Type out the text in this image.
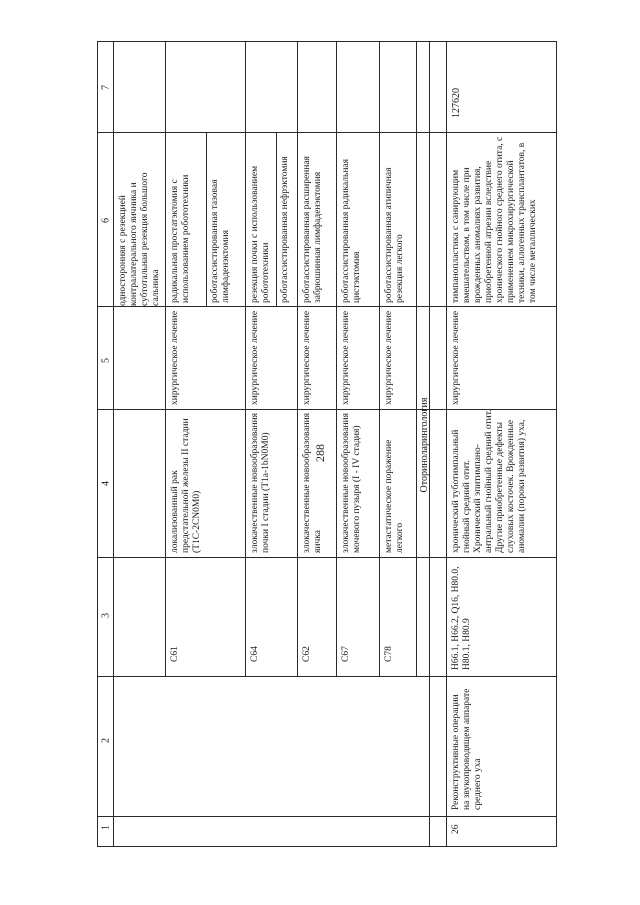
288
1
2
3
4
5
6
7
односторонняя с резекцией контралатерального яичника и субтотальная резекция большого сальника
C61
локализованный рак предстательной железы II стадии (T1C-2CN0M0)
хирургическое лечение
радикальная простатэктомия с использованием робототехники роботассистированная тазовая лимфаденэктомия
C64
злокачественные новообразования почки I стадии (T1a-1bN0M0)
хирургическое лечение
резекция почки с использованием робототехники роботассистированная нефрэктомия
C62
злокачественные новообразования яичка
хирургическое лечение
роботассистированная расширенная забрюшинная лимфаденэктомия
C67
злокачественные новообразования мочевого пузыря (I - IV стадия)
хирургическое лечение
роботассистированная радикальная цистэктомия
C78
метастатическое поражение легкого
хирургическое лечение
роботассистированная атипичная резекция легкого
Оториноларингология
26
Реконструктивные операции на звукопроводящем аппарате среднего уха
H66.1, H66.2, Q16, H80.0, H80.1, H80.9
хронический туботимпальный гнойный средний отит. Хронический эпитимпано-антральный гнойный средний отит. Другие приобретенные дефекты слуховых косточек. Врожденные аномалии (пороки развития) уха,
хирургическое лечение
тимпанопластика с санирующим вмешательством, в том числе при врожденных аномалиях развития, приобретенной атрезии вследствие хронического гнойного среднего отита, с применением микрохирургической техники, аллогенных трансплантатов, в том числе металлических
127620
